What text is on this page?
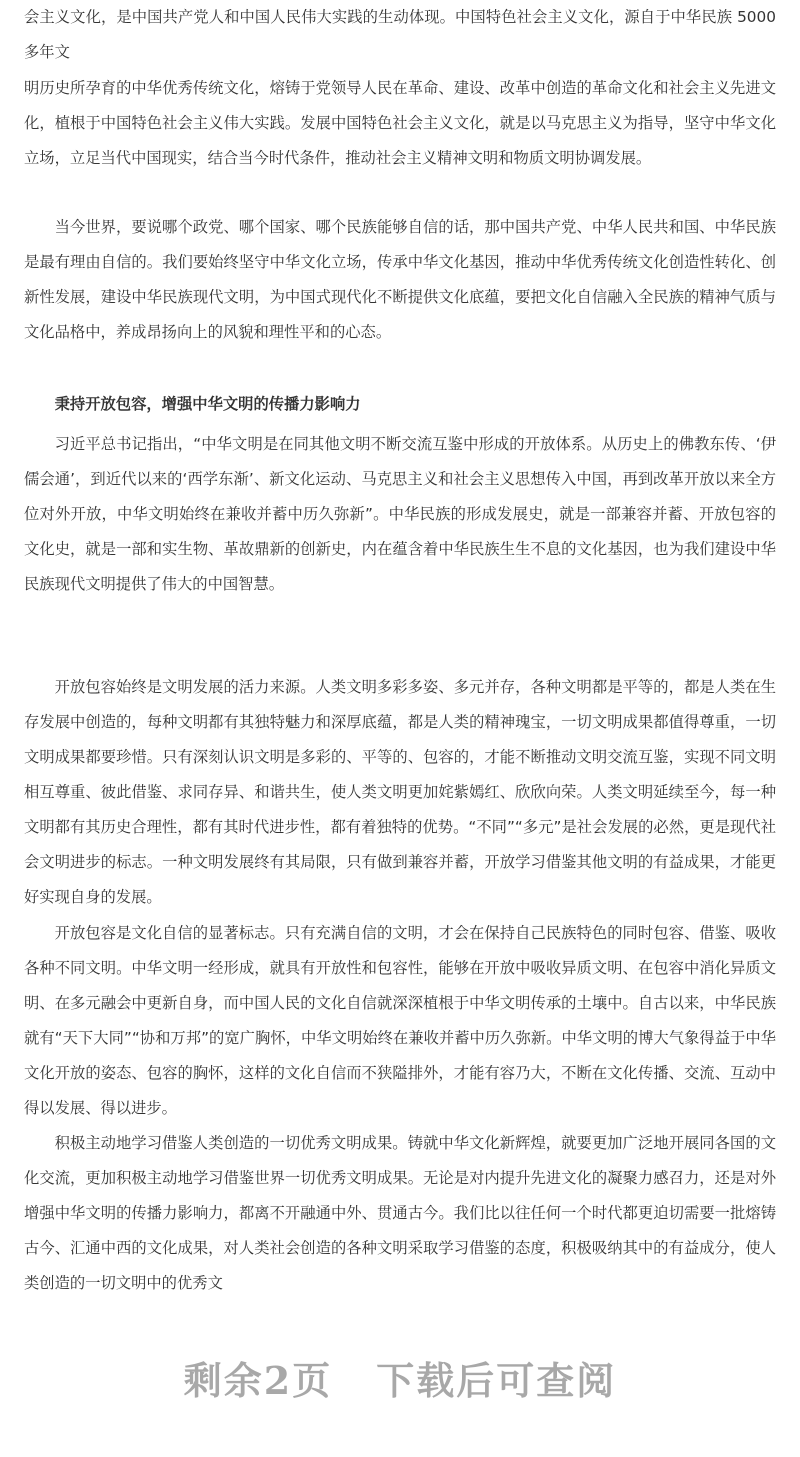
会主义文化，是中国共产党人和中国人民伟大实践的生动体现。中国特色社会主义文化，源自于中华民族 5000 多年文

明历史所孕育的中华优秀传统文化，熔铸于党领导人民在革命、建设、改革中创造的革命文化和社会主义先进文化，植根于中国特色社会主义伟大实践。发展中国特色社会主义文化，就是以马克思主义为指导，坚守中华文化立场，立足当代中国现实，结合当今时代条件，推动社会主义精神文明和物质文明协调发展。

当今世界，要说哪个政党、哪个国家、哪个民族能够自信的话，那中国共产党、中华人民共和国、中华民族是最有理由自信的。我们要始终坚守中华文化立场，传承中华文化基因，推动中华优秀传统文化创造性转化、创新性发展，建设中华民族现代文明，为中国式现代化不断提供文化底蕴，要把文化自信融入全民族的精神气质与文化品格中，养成昂扬向上的风貌和理性平和的心态。

秉持开放包容，增强中华文明的传播力影响力

习近平总书记指出，“中华文明是在同其他文明不断交流互鉴中形成的开放体系。从历史上的佛教东传、‘伊儒会通’，到近代以来的‘西学东渐’、新文化运动、马克思主义和社会主义思想传入中国，再到改革开放以来全方位对外开放，中华文明始终在兼收并蓄中历久弥新”。中华民族的形成发展史，就是一部兼容并蓄、开放包容的文化史，就是一部和实生物、革故鼎新的创新史，内在蕴含着中华民族生生不息的文化基因，也为我们建设中华民族现代文明提供了伟大的中国智慧。

开放包容始终是文明发展的活力来源。人类文明多彩多姿、多元并存，各种文明都是平等的，都是人类在生存发展中创造的，每种文明都有其独特魅力和深厚底蕴，都是人类的精神瑰宝，一切文明成果都值得尊重，一切文明成果都要珍惜。只有深刻认识文明是多彩的、平等的、包容的，才能不断推动文明交流互鉴，实现不同文明相互尊重、彼此借鉴、求同存异、和谐共生，使人类文明更加姹紫嫣红、欣欣向荣。人类文明延续至今，每一种文明都有其历史合理性，都有其时代进步性，都有着独特的优势。“不同”“多元”是社会发展的必然，更是现代社会文明进步的标志。一种文明发展终有其局限，只有做到兼容并蓄，开放学习借鉴其他文明的有益成果，才能更好实现自身的发展。

开放包容是文化自信的显著标志。只有充满自信的文明，才会在保持自己民族特色的同时包容、借鉴、吸收各种不同文明。中华文明一经形成，就具有开放性和包容性，能够在开放中吸收异质文明、在包容中消化异质文明、在多元融会中更新自身，而中国人民的文化自信就深深植根于中华文明传承的土壤中。自古以来，中华民族就有“天下大同”“协和万邦”的宽广胸怀，中华文明始终在兼收并蓄中历久弥新。中华文明的博大气象得益于中华文化开放的姿态、包容的胸怀，这样的文化自信而不狭隘排外，才能有容乃大，不断在文化传播、交流、互动中得以发展、得以进步。

积极主动地学习借鉴人类创造的一切优秀文明成果。铸就中华文化新辉煌，就要更加广泛地开展同各国的文化交流，更加积极主动地学习借鉴世界一切优秀文明成果。无论是对内提升先进文化的凝聚力感召力，还是对外增强中华文明的传播力影响力，都离不开融通中外、贯通古今。我们比以往任何一个时代都更迫切需要一批熔铸古今、汇通中西的文化成果，对人类社会创造的各种文明采取学习借鉴的态度，积极吸纳其中的有益成分，使人类创造的一切文明中的优秀文

剩余2页 下载后可查阅
